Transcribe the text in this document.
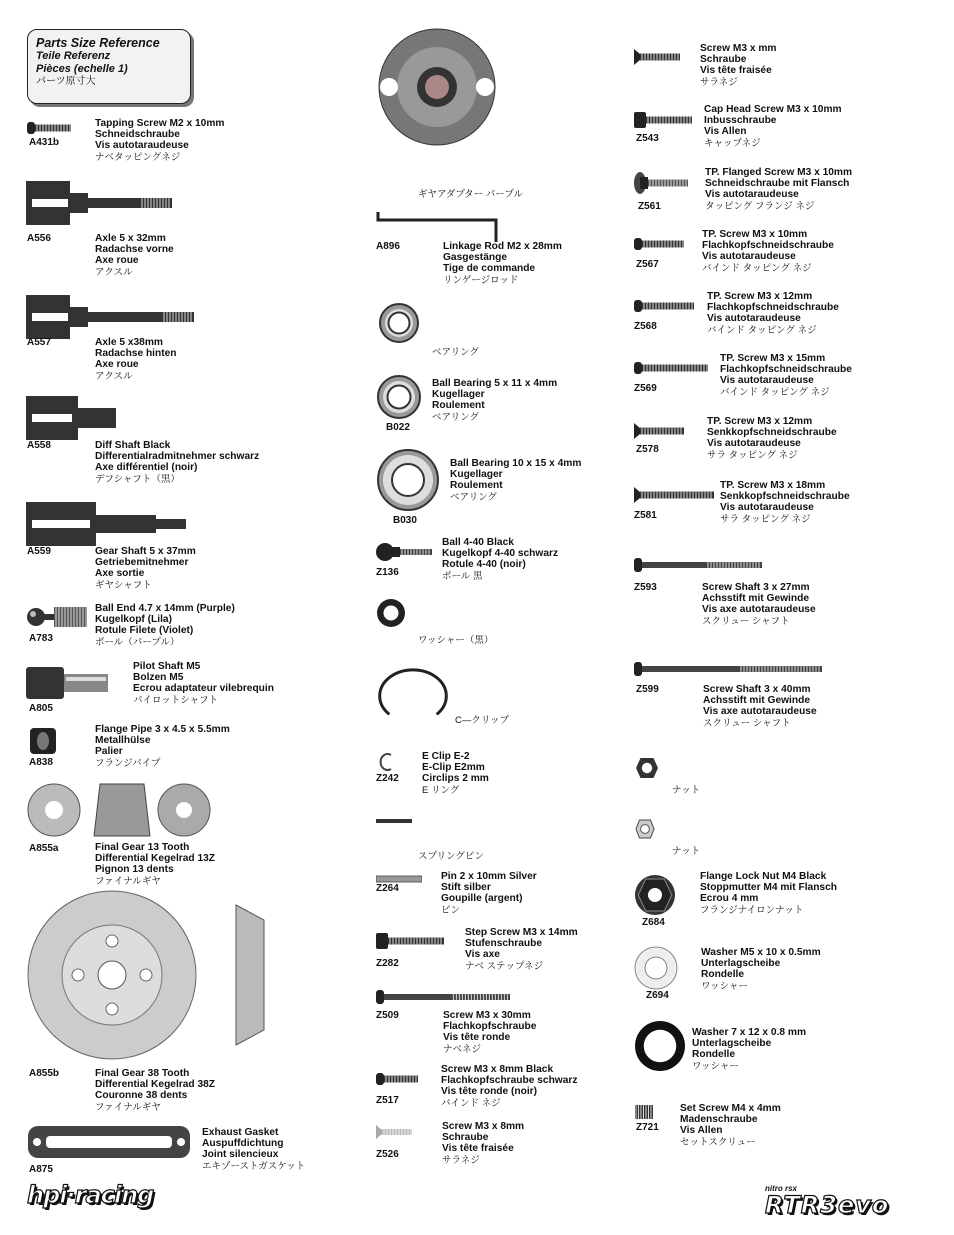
Parts Size Reference
Teile Referenz
Pièces (echelle 1)
パーツ原寸大
A431b
Tapping Screw M2 x 10mm
Schneidschraube
Vis autotaraudeuse
ナベタッピングネジ
A556	Axle 5 x 32mm
Radachse vorne
Axe roue
アクスル
A557	Axle 5 x38mm
Radachse hinten
Axe roue
アクスル
A558	Diff Shaft Black
Differentialradmitnehmer schwarz
Axe différentiel (noir)
デフシャフト（黒）
A559	Gear Shaft 5 x 37mm
Getriebemitnehmer
Axe sortie
ギヤシャフト
A783
Ball End 4.7 x 14mm (Purple)
Kugelkopf (Lila)
Rotule Filete (Violet)
ボール（パープル）
A805
Pilot Shaft M5
Bolzen M5
Ecrou adaptateur vilebrequin
パイロットシャフト
A838
Flange Pipe 3 x 4.5 x 5.5mm
Metallhülse
Palier
フランジパイプ
A855a	Final Gear 13 Tooth
Differential Kegelrad 13Z
Pignon 13 dents
ファイナルギヤ
A855b	Final Gear 38 Tooth
Differential Kegelrad 38Z
Couronne 38 dents
ファイナルギヤ
A875
Exhaust Gasket
Auspuffdichtung
Joint silencieux
エキゾーストガスケット
ギヤアダプター パープル
A896	Linkage Rod M2 x 28mm
Gasgestänge
Tige de commande
リンゲージロッド
ベアリング
B022
Ball Bearing 5 x 11 x 4mm
Kugellager
Roulement
ベアリング
B030
Ball Bearing 10 x 15 x 4mm
Kugellager
Roulement
ベアリング
Z136
Ball 4-40 Black
Kugelkopf 4-40 schwarz
Rotule 4-40 (noir)
ボール 黒
ワッシャー（黒）
C―クリップ
Z242
E Clip E-2
E-Clip E2mm
Circlips 2 mm
E リング
スプリングピン
Z264
Pin 2 x 10mm Silver
Stift silber
Goupille (argent)
ピン
Z282
Step Screw M3 x 14mm
Stufenschraube
Vis axe
ナベ ステップネジ
Z509	Screw M3 x 30mm
Flachkopfschraube
Vis tête ronde
ナベネジ
Z517
Screw M3 x 8mm Black
Flachkopfschraube schwarz
Vis tête ronde (noir)
バインド ネジ
Z526
Screw M3 x 8mm
Schraube
Vis tête fraisée
サラネジ
Screw M3 x mm
Schraube
Vis tête fraisée
サラネジ
Z543
Cap Head Screw M3 x 10mm
Inbusschraube
Vis Allen
キャップネジ
Z561
TP. Flanged Screw M3 x 10mm
Schneidschraube mit Flansch
Vis autotaraudeuse
タッピング フランジ ネジ
Z567
TP. Screw M3 x 10mm
Flachkopfschneidschraube
Vis autotaraudeuse
バインド タッピング ネジ
Z568
TP. Screw M3 x 12mm
Flachkopfschneidschraube
Vis autotaraudeuse
バインド タッピング ネジ
Z569
TP. Screw M3 x 15mm
Flachkopfschneidschraube
Vis autotaraudeuse
バインド タッピング ネジ
Z578
TP. Screw M3 x 12mm
Senkkopfschneidschraube
Vis autotaraudeuse
サラ タッピング ネジ
Z581
TP. Screw M3 x 18mm
Senkkopfschneidschraube
Vis autotaraudeuse
サラ タッピング ネジ
Z593	Screw Shaft 3 x 27mm
Achsstift mit Gewinde
Vis axe autotaraudeuse
スクリュー シャフト
Z599	Screw Shaft 3 x 40mm
Achsstift mit Gewinde
Vis axe autotaraudeuse
スクリュー シャフト
ナット
ナット
Z684
Flange Lock Nut M4 Black
Stoppmutter M4 mit Flansch
Ecrou 4 mm
フランジナイロンナット
Z694
Washer M5 x 10 x 0.5mm
Unterlagscheibe
Rondelle
ワッシャー
Washer 7 x 12 x 0.8 mm
Unterlagscheibe
Rondelle
ワッシャー
Z721
Set Screw M4 x 4mm
Madenschraube
Vis Allen
セットスクリュー
hpi·racing	nitro rsx
RTR3evo
